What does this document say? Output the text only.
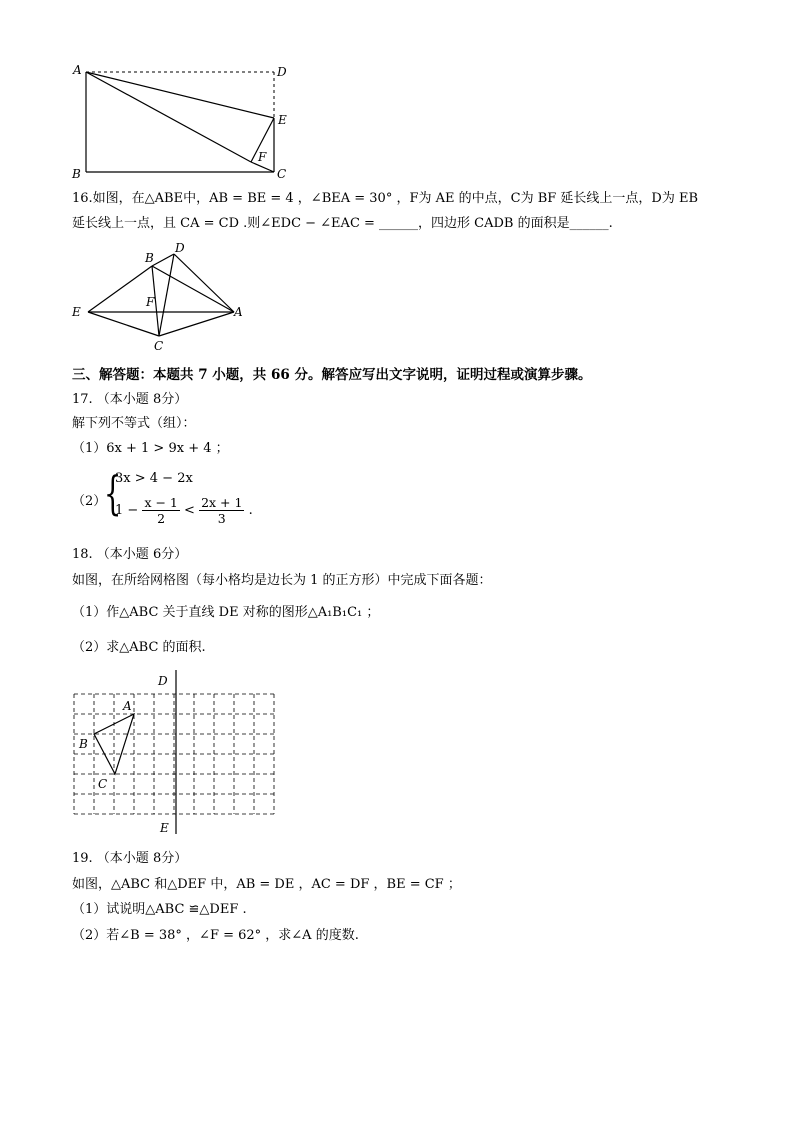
A	D
E
B
F
C
16.如图，在△ABE中，AB = BE = 4 ，∠BEA = 30° ，F为 AE 的中点，C为 BF 延长线上一点，D为 EB
延长线上一点，且 CA = CD .则∠EDC − ∠EAC = ______，四边形 CADB 的面积是______.
B
D
E
F
A
C
三、解答题：本题共 7 小题，共 66 分。解答应写出文字说明，证明过程或演算步骤。
17. （本小题 8分）
解下列不等式（组）：
（1）6x + 1 > 9x + 4 ；
（2）
{
3x > 4 − 2x
$1 - \frac{x - 1}{2} < \frac{2x + 1}{3}$ .
18. （本小题 6分）
如图，在所给网格图（每小格均是边长为 1 的正方形）中完成下面各题：
（1）作△ABC 关于直线 DE 对称的图形△A₁B₁C₁ ；
（2）求△ABC 的面积.
D
A
B
C
E
19. （本小题 8分）
如图，△ABC 和△DEF 中，AB = DE ，AC = DF ，BE = CF ；
（1）试说明△ABC ≌△DEF .
（2）若∠B = 38° ，∠F = 62° ，求∠A 的度数.
